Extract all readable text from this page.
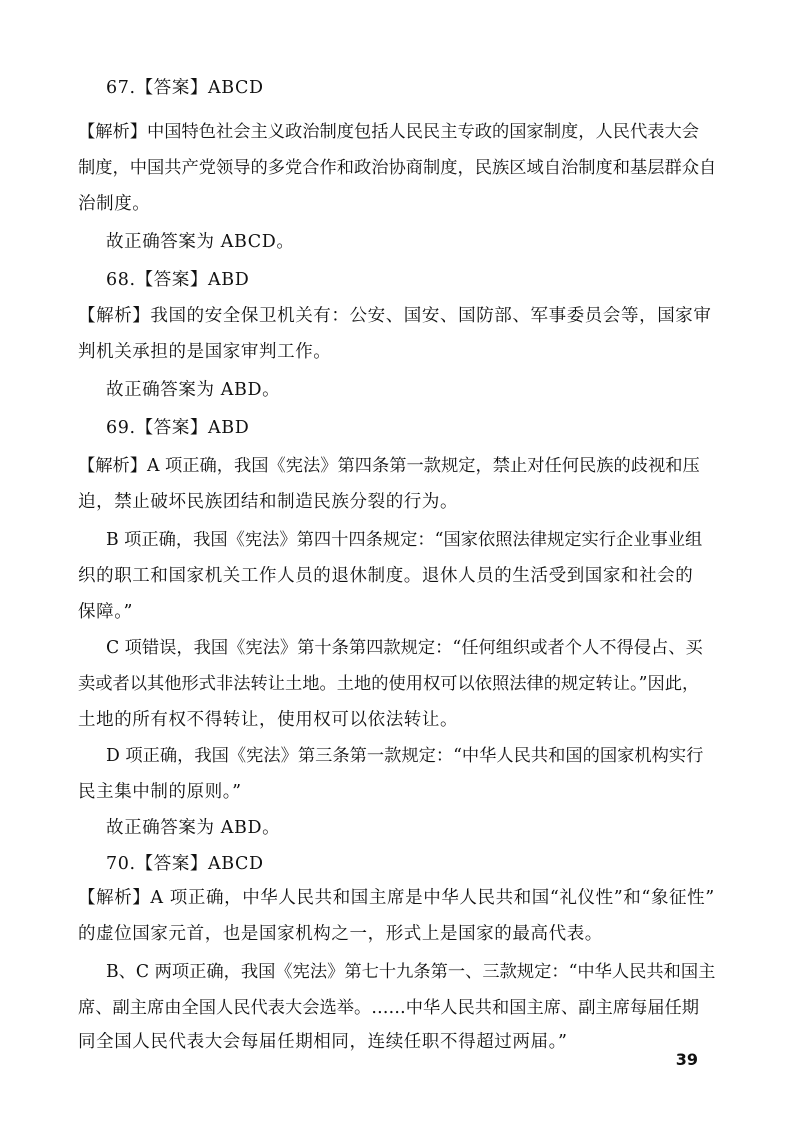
67.【答案】ABCD
【解析】中国特色社会主义政治制度包括人民民主专政的国家制度，人民代表大会
制度，中国共产党领导的多党合作和政治协商制度，民族区域自治制度和基层群众自
治制度。
故正确答案为 ABCD。
68.【答案】ABD
【解析】我国的安全保卫机关有：公安、国安、国防部、军事委员会等，国家审
判机关承担的是国家审判工作。
故正确答案为 ABD。
69.【答案】ABD
【解析】A 项正确，我国《宪法》第四条第一款规定，禁止对任何民族的歧视和压
迫，禁止破坏民族团结和制造民族分裂的行为。
B 项正确，我国《宪法》第四十四条规定：“国家依照法律规定实行企业事业组
织的职工和国家机关工作人员的退休制度。退休人员的生活受到国家和社会的
保障。”
C 项错误，我国《宪法》第十条第四款规定：“任何组织或者个人不得侵占、买
卖或者以其他形式非法转让土地。土地的使用权可以依照法律的规定转让。”因此，
土地的所有权不得转让，使用权可以依法转让。
D 项正确，我国《宪法》第三条第一款规定：“中华人民共和国的国家机构实行
民主集中制的原则。”
故正确答案为 ABD。
70.【答案】ABCD
【解析】A 项正确，中华人民共和国主席是中华人民共和国“礼仪性”和“象征性”
的虚位国家元首，也是国家机构之一，形式上是国家的最高代表。
B、C 两项正确，我国《宪法》第七十九条第一、三款规定：“中华人民共和国主
席、副主席由全国人民代表大会选举。……中华人民共和国主席、副主席每届任期
同全国人民代表大会每届任期相同，连续任职不得超过两届。”
39
